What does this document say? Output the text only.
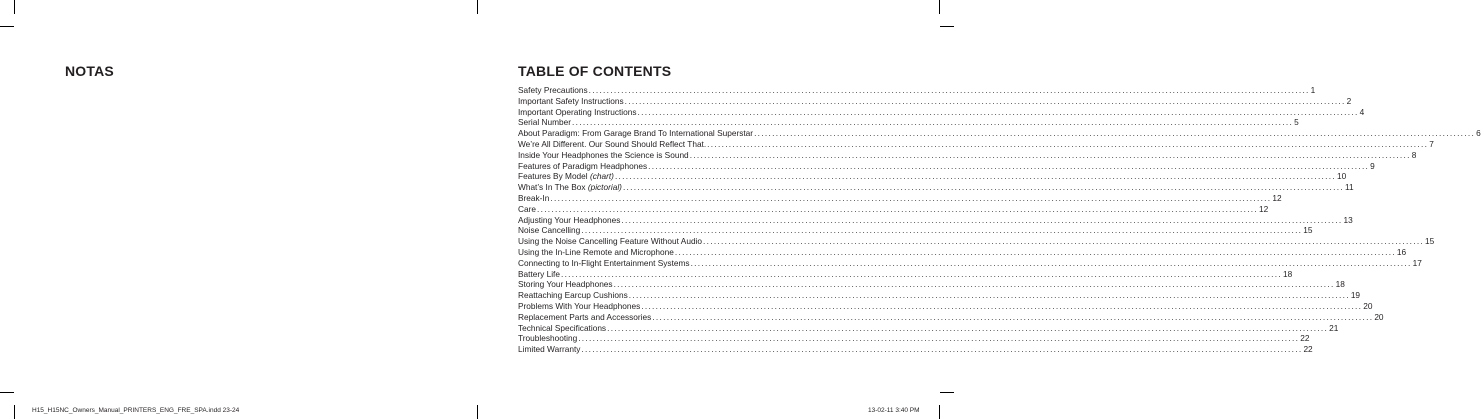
NOTAS	TABLE OF CONTENTS
Safety Precautions ........................................................................................................................................................................................................ 1
Important Safety Instructions ........................................................................................................................................................................................................ 2
Important Operating Instructions ........................................................................................................................................................................................................ 4
Serial Number ........................................................................................................................................................................................................ 5
About Paradigm: From Garage Brand To International Superstar ........................................................................................................................................................................................................ 6
We’re All Different. Our Sound Should Reflect That. ........................................................................................................................................................................................................ 7
Inside Your Headphones the Science is Sound ........................................................................................................................................................................................................ 8
Features of Paradigm Headphones ........................................................................................................................................................................................................ 9
Features By Model (chart) ........................................................................................................................................................................................................ 10
What’s In The Box (pictorial) ........................................................................................................................................................................................................ 11
Break-In ........................................................................................................................................................................................................ 12
Care ........................................................................................................................................................................................................ 12
Adjusting Your Headphones ........................................................................................................................................................................................................ 13
Noise Cancelling ........................................................................................................................................................................................................ 15
Using the Noise Cancelling Feature Without Audio ........................................................................................................................................................................................................ 15
Using the In-Line Remote and Microphone ........................................................................................................................................................................................................ 16
Connecting to In-Flight Entertainment Systems ........................................................................................................................................................................................................ 17
Battery Life ........................................................................................................................................................................................................ 18
Storing Your Headphones ........................................................................................................................................................................................................ 18
Reattaching Earcup Cushions ........................................................................................................................................................................................................ 19
Problems With Your Headphones ........................................................................................................................................................................................................ 20
Replacement Parts and Accessories ........................................................................................................................................................................................................ 20
Technical Specifications ........................................................................................................................................................................................................ 21
Troubleshooting ........................................................................................................................................................................................................ 22
Limited Warranty ........................................................................................................................................................................................................ 22
H15_H15NC_Owners_Manual_PRINTERS_ENG_FRE_SPA.indd 23-24	13-02-11 3:40 PM
